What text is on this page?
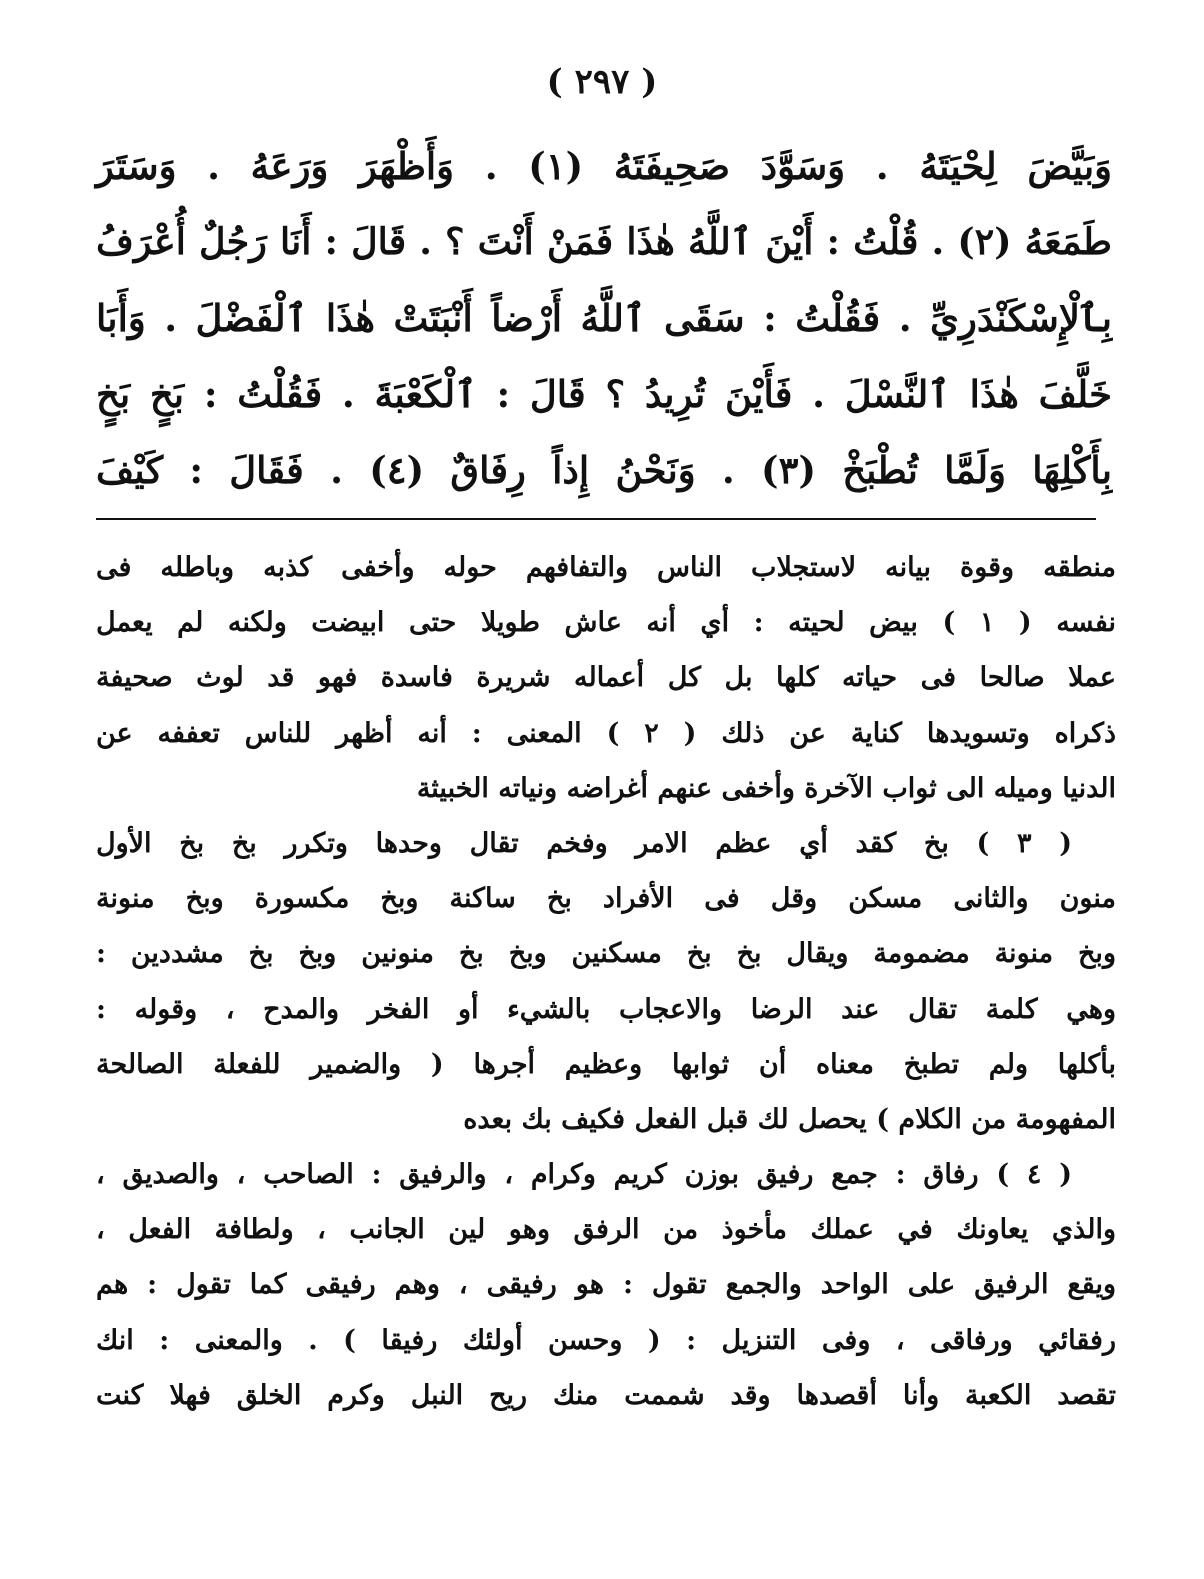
( ٢٩٧ )
وَبَيَّضَ لِحْيَتَهُ . وَسَوَّدَ صَحِيفَتَهُ (١) . وَأَظْهَرَ وَرَعَهُ . وَسَتَرَ
طَمَعَهُ (٢) . قُلْتُ : أَيْنَ ٱللَّهُ هٰذَا فَمَنْ أَنْتَ ؟ . قَالَ : أَنَا رَجُلٌ أُعْرَفُ
بِٱلْإِسْكَنْدَرِيِّ . فَقُلْتُ : سَقَى ٱللَّهُ أَرْضاً أَنْبَتَتْ هٰذَا ٱلْفَضْلَ . وَأَبَا
خَلَّفَ هٰذَا ٱلنَّسْلَ . فَأَيْنَ تُرِيدُ ؟ قَالَ : ٱلْكَعْبَةَ . فَقُلْتُ : بَخٍ بَخٍ
بِأَكْلِهَا وَلَمَّا تُطْبَخْ (٣) . وَنَحْنُ إِذاً رِفَاقٌ (٤) . فَقَالَ : كَيْفَ
منطقه وقوة بيانه لاستجلاب الناس والتفافهم حوله وأخفى كذبه وباطله فى
نفسه ( ١ ) بيض لحيته : أي أنه عاش طويلا حتى ابيضت ولكنه لم يعمل
عملا صالحا فى حياته كلها بل كل أعماله شريرة فاسدة فهو قد لوث صحيفة
ذكراه وتسويدها كناية عن ذلك ( ٢ ) المعنى : أنه أظهر للناس تعففه عن
الدنيا وميله الى ثواب الآخرة وأخفى عنهم أغراضه ونياته الخبيثة
( ٣ ) بخ كقد أي عظم الامر وفخم تقال وحدها وتكرر بخ بخ الأول
منون والثانى مسكن وقل فى الأفراد بخ ساكنة وبخ مكسورة وبخ منونة
وبخ منونة مضمومة ويقال بخ بخ مسكنين وبخ بخ منونين وبخ بخ مشددين :
وهي كلمة تقال عند الرضا والاعجاب بالشيء أو الفخر والمدح ، وقوله :
بأكلها ولم تطبخ معناه أن ثوابها وعظيم أجرها ( والضمير للفعلة الصالحة
المفهومة من الكلام ) يحصل لك قبل الفعل فكيف بك بعده
( ٤ ) رفاق : جمع رفيق بوزن كريم وكرام ، والرفيق : الصاحب ، والصديق ،
والذي يعاونك في عملك مأخوذ من الرفق وهو لين الجانب ، ولطافة الفعل ،
ويقع الرفيق على الواحد والجمع تقول : هو رفيقى ، وهم رفيقى كما تقول : هم
رفقائي ورفاقى ، وفى التنزيل : ( وحسن أولئك رفيقا ) . والمعنى : انك
تقصد الكعبة وأنا أقصدها وقد شممت منك ريح النبل وكرم الخلق فهلا كنت
